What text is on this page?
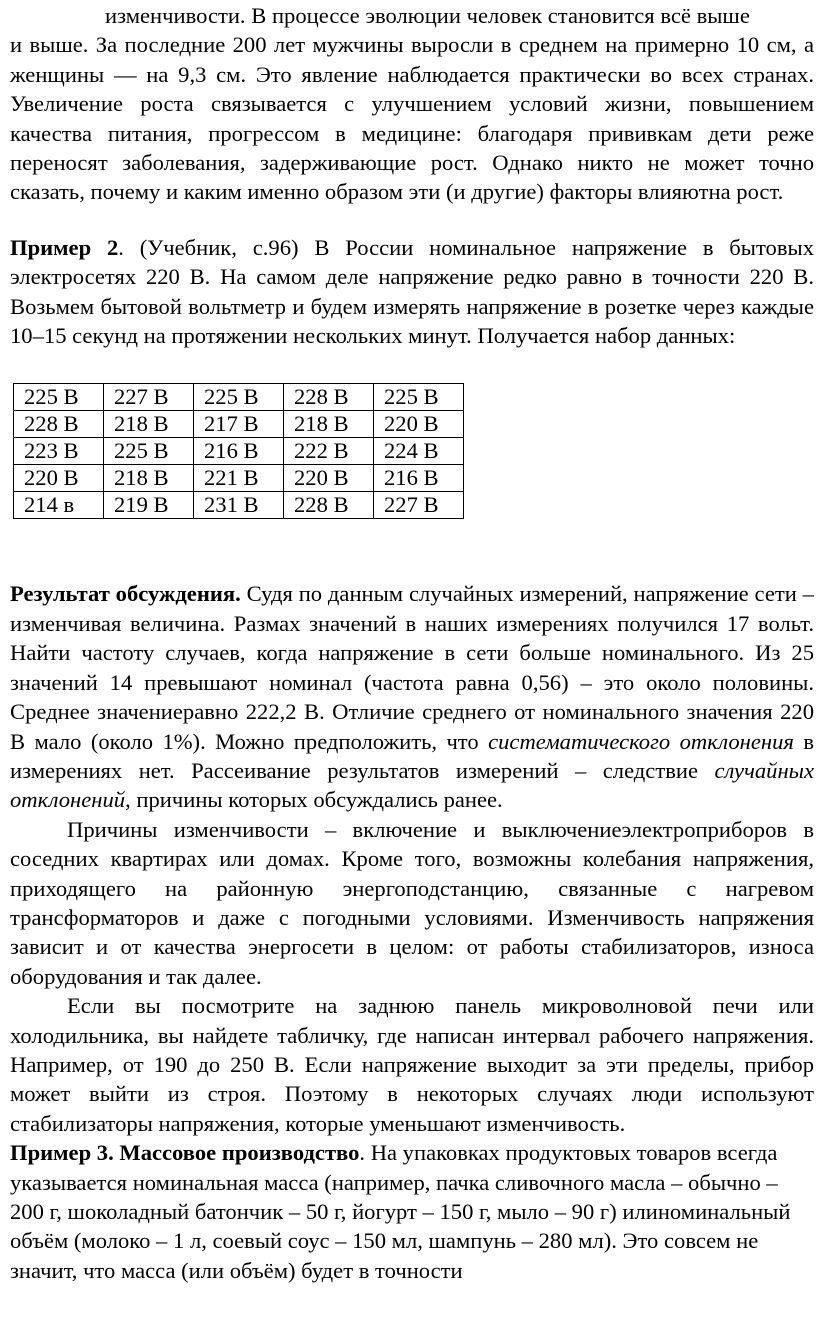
изменчивости. В процессе эволюции человек становится всё выше
и выше. За последние 200 лет мужчины выросли в среднем на примерно 10 см, а женщины — на 9,3 см. Это явление наблюдается практически во всех странах. Увеличение роста связывается с улучшением условий жизни, повышением качества питания, прогрессом в медицине: благодаря прививкам дети реже переносят заболевания, задерживающие рост. Однако никто не может точно сказать, почему и каким именно образом эти (и другие) факторы влияютна рост.

Пример 2. (Учебник, с.96) В России номинальное напряжение в бытовых электросетях 220 В. На самом деле напряжение редко равно в точности 220 В. Возьмем бытовой вольтметр и будем измерять напряжение в розетке через каждые 10–15 секунд на протяжении нескольких минут. Получается набор данных:

225 В	227 В	225 В	228 В	225 В
228 В	218 В	217 В	218 В	220 В
223 В	225 В	216 В	222 В	224 В
220 В	218 В	221 В	220 В	216 В
214 в	219 В	231 В	228 В	227 В

Результат обсуждения. Судя по данным случайных измерений, напряжение сети – изменчивая величина. Размах значений в наших измерениях получился 17 вольт. Найти частоту случаев, когда напряжение в сети больше номинального. Из 25 значений 14 превышают номинал (частота равна 0,56) – это около половины. Среднее значениеравно 222,2 В. Отличие среднего от номинального значения 220 В мало (около 1%). Можно предположить, что систематического отклонения в измерениях нет. Рассеивание результатов измерений – следствие случайных отклонений, причины которых обсуждались ранее.

Причины изменчивости – включение и выключениеэлектроприборов в соседних квартирах или домах. Кроме того, возможны колебания напряжения, приходящего на районную энергоподстанцию, связанные с нагревом трансформаторов и даже с погодными условиями. Изменчивость напряжения зависит и от качества энергосети в целом: от работы стабилизаторов, износа оборудования и так далее.

Если вы посмотрите на заднюю панель микроволновой печи или холодильника, вы найдете табличку, где написан интервал рабочего напряжения. Например, от 190 до 250 В. Если напряжение выходит за эти пределы, прибор может выйти из строя. Поэтому в некоторых случаях люди используют стабилизаторы напряжения, которые уменьшают изменчивость.

Пример 3. Массовое производство. На упаковках продуктовых товаров всегда указывается номинальная масса (например, пачка сливочного масла – обычно – 200 г, шоколадный батончик – 50 г, йогурт – 150 г, мыло – 90 г) илиноминальный объём (молоко – 1 л, соевый соус – 150 мл, шампунь – 280 мл). Это совсем не значит, что масса (или объём) будет в точности
